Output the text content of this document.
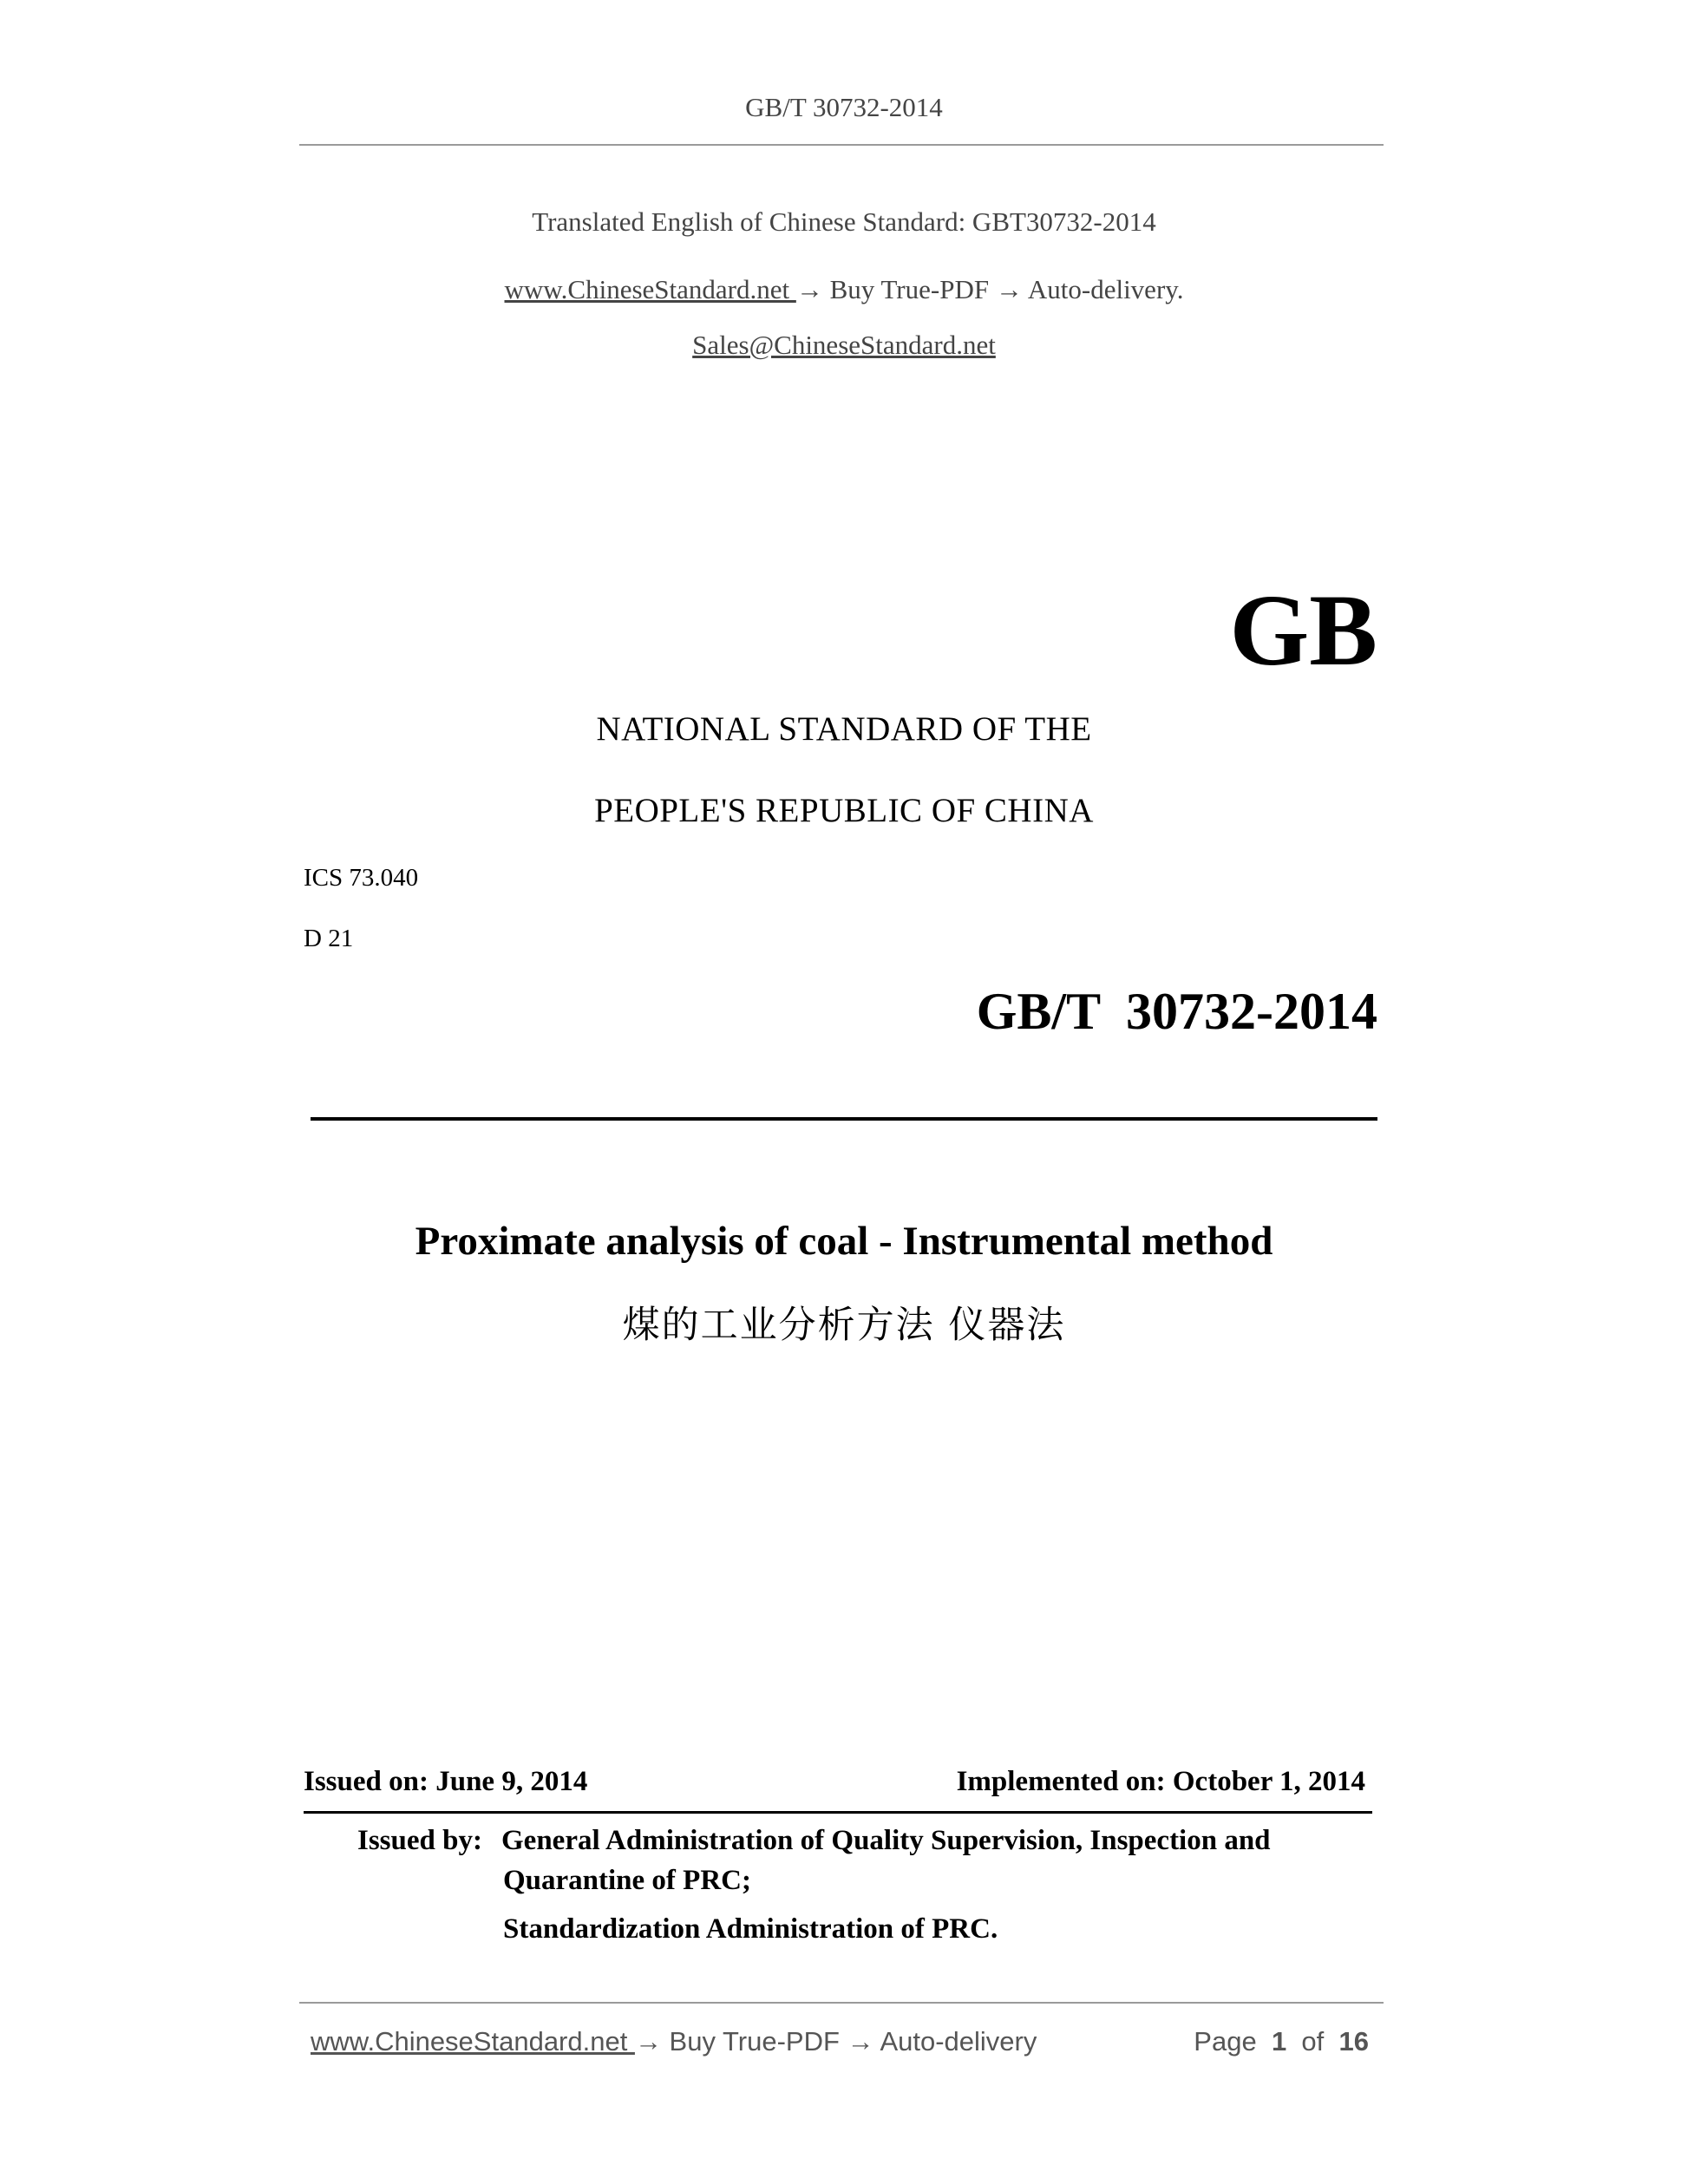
GB/T 30732-2014
Translated English of Chinese Standard: GBT30732-2014
www.ChineseStandard.net → Buy True-PDF → Auto-delivery.
Sales@ChineseStandard.net
GB
NATIONAL STANDARD OF THE
PEOPLE'S REPUBLIC OF CHINA
ICS 73.040
D 21
GB/T  30732-2014
Proximate analysis of coal - Instrumental method
煤的工业分析方法 仪器法
Issued on: June 9, 2014	Implemented on: October 1, 2014
Issued by: General Administration of Quality Supervision, Inspection and
Quarantine of PRC;
Standardization Administration of PRC.
www.ChineseStandard.net → Buy True-PDF → Auto-delivery	Page 1 of 16
